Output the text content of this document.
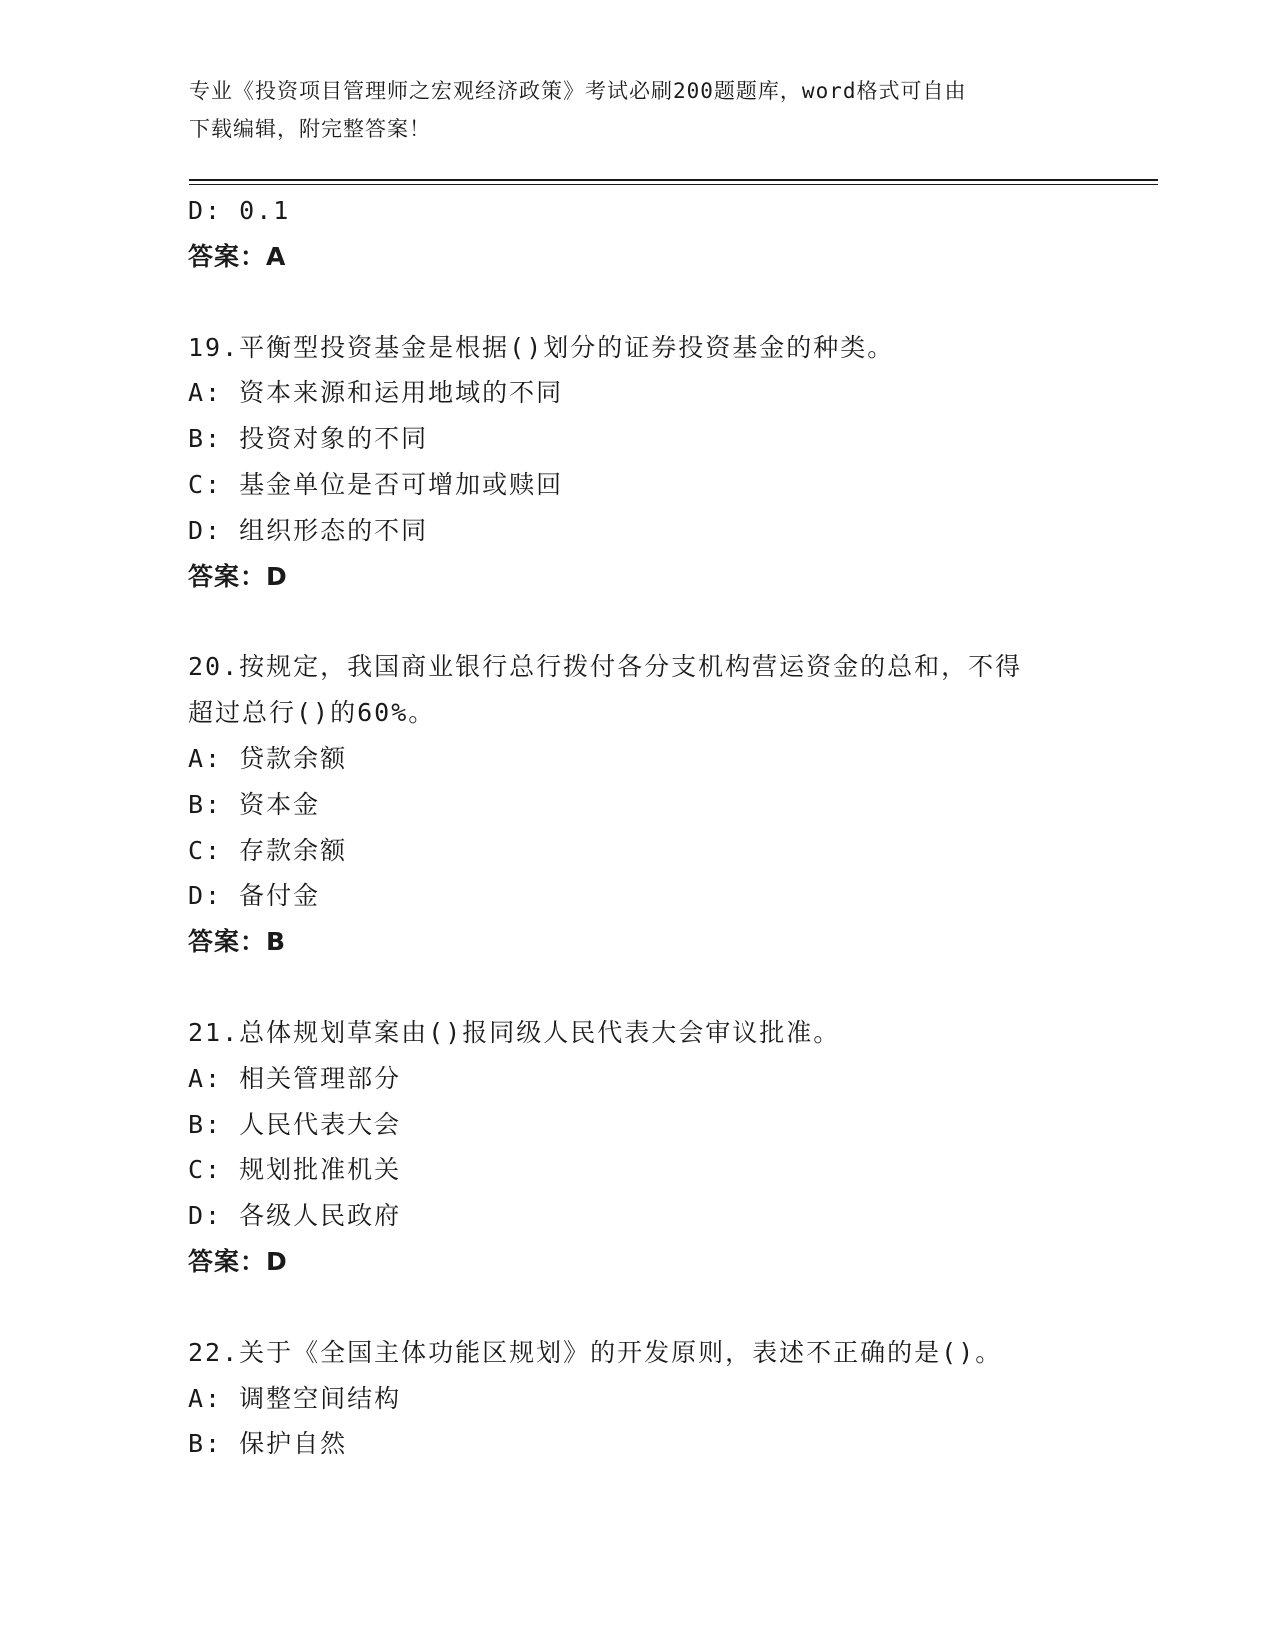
专业《投资项目管理师之宏观经济政策》考试必刷200题题库，word格式可自由
下载编辑，附完整答案！
D: 0.1
答案：A
19.平衡型投资基金是根据()划分的证券投资基金的种类。
A: 资本来源和运用地域的不同
B: 投资对象的不同
C: 基金单位是否可增加或赎回
D: 组织形态的不同
答案：D
20.按规定，我国商业银行总行拨付各分支机构营运资金的总和，不得
超过总行()的60%。
A: 贷款余额
B: 资本金
C: 存款余额
D: 备付金
答案：B
21.总体规划草案由()报同级人民代表大会审议批准。
A: 相关管理部分
B: 人民代表大会
C: 规划批准机关
D: 各级人民政府
答案：D
22.关于《全国主体功能区规划》的开发原则，表述不正确的是()。
A: 调整空间结构
B: 保护自然
